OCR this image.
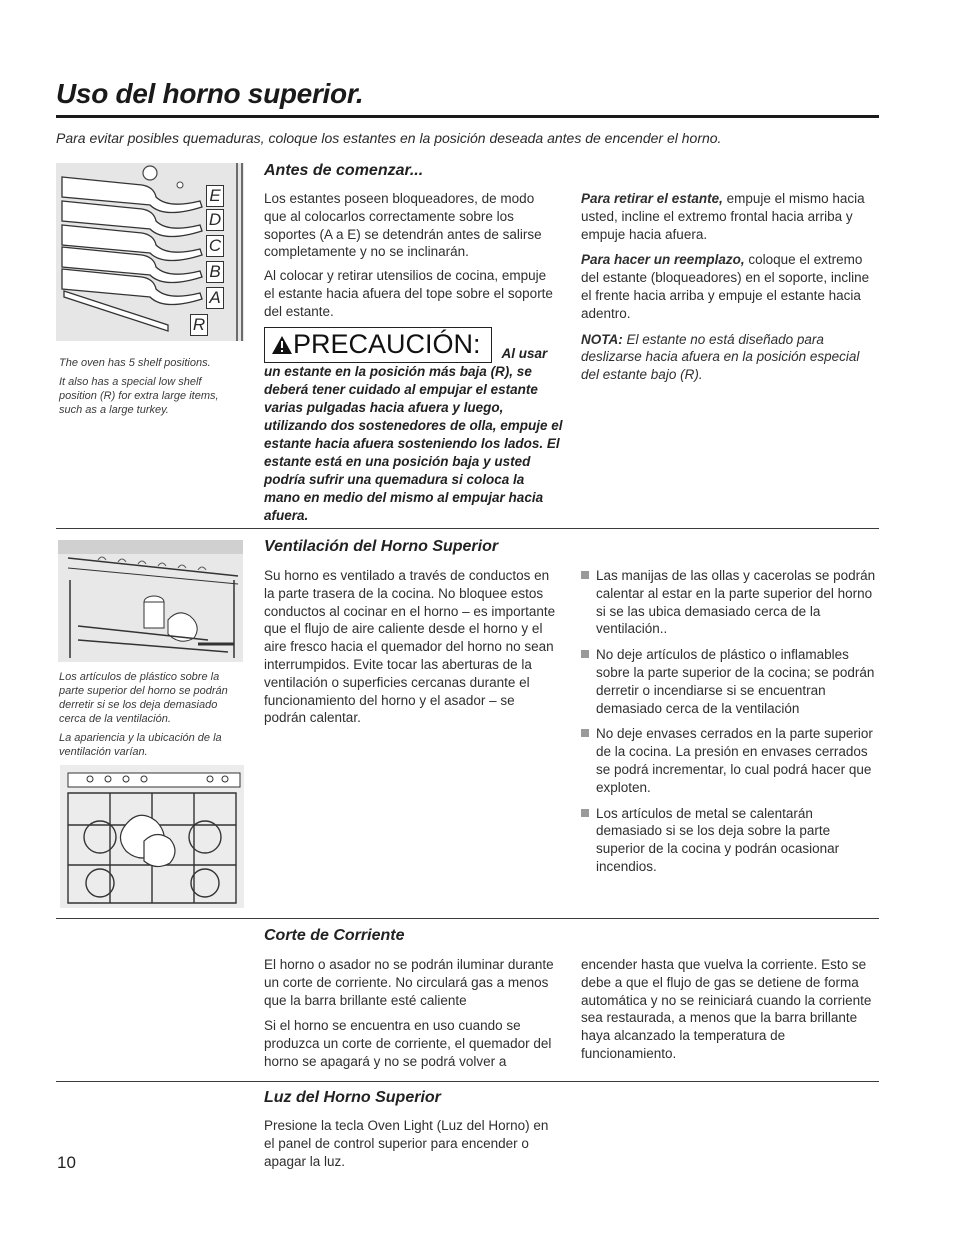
Uso del horno superior.
Para evitar posibles quemaduras, coloque los estantes en la posición deseada antes de encender el horno.
E
D
C
B
A
R

The oven has 5 shelf positions.

It also has a special low shelf position (R) for extra large items, such as a large turkey.

Antes de comenzar...

Los estantes poseen bloqueadores, de modo que al colocarlos correctamente sobre los soportes (A a E) se detendrán antes de salirse completamente y no se inclinarán.

Al colocar y retirar utensilios de cocina, empuje el estante hacia afuera del tope sobre el soporte del estante.

PRECAUCIÓN: Al usar un estante en la posición más baja (R), se deberá tener cuidado al empujar el estante varias pulgadas hacia afuera y luego, utilizando dos sostenedores de olla, empuje el estante hacia afuera sosteniendo los lados. El estante está en una posición baja y usted podría sufrir una quemadura si coloca la mano en medio del mismo al empujar hacia afuera.

Para retirar el estante, empuje el mismo hacia usted, incline el extremo frontal hacia arriba y empuje hacia afuera.

Para hacer un reemplazo, coloque el extremo del estante (bloqueadores) en el soporte, incline el frente hacia arriba y empuje el estante hacia adentro.

NOTA: El estante no está diseñado para deslizarse hacia afuera en la posición especial del estante bajo (R).

Los artículos de plástico sobre la parte superior del horno se podrán derretir si se los deja demasiado cerca de la ventilación.

La apariencia y la ubicación de la ventilación varían.

Ventilación del Horno Superior
Su horno es ventilado a través de conductos en la parte trasera de la cocina. No bloquee estos conductos al cocinar en el horno – es importante que el flujo de aire caliente desde el horno y el aire fresco hacia el quemador del horno no sean interrumpidos. Evite tocar las aberturas de la ventilación o superficies cercanas durante el funcionamiento del horno y el asador – se podrán calentar.
Las manijas de las ollas y cacerolas se podrán calentar al estar en la parte superior del horno si se las ubica demasiado cerca de la ventilación..
No deje artículos de plástico o inflamables sobre la parte superior de la cocina; se podrán derretir o incendiarse si se encuentran demasiado cerca de la ventilación
No deje envases cerrados en la parte superior de la cocina. La presión en envases cerrados se podrá incrementar, lo cual podrá hacer que exploten.
Los artículos de metal se calentarán demasiado si se los deja sobre la parte superior de la cocina y podrán ocasionar incendios.
Corte de Corriente

El horno o asador no se podrán iluminar durante un corte de corriente. No circulará gas a menos que la barra brillante esté caliente

Si el horno se encuentra en uso cuando se produzca un corte de corriente, el quemador del horno se apagará y no se podrá volver a

encender hasta que vuelva la corriente. Esto se debe a que el flujo de gas se detiene de forma automática y no se reiniciará cuando la corriente sea restaurada, a menos que la barra brillante haya alcanzado la temperatura de funcionamiento.

Luz del Horno Superior
Presione la tecla Oven Light (Luz del Horno) en el panel de control superior para encender o apagar la luz.
10
